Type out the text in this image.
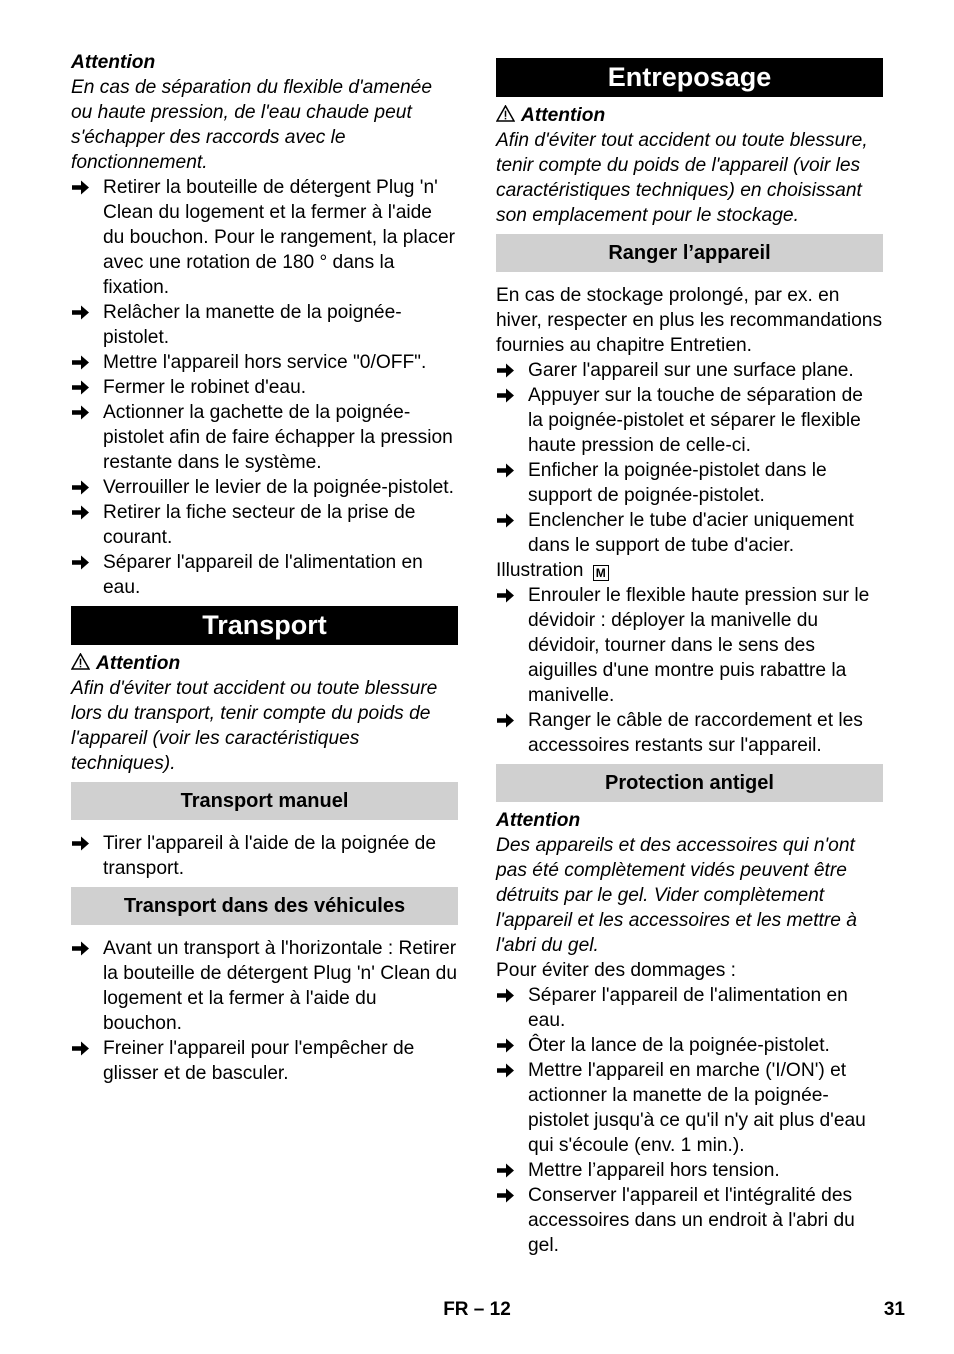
Attention

En cas de séparation du flexible d'amenée ou haute pression, de l'eau chaude peut s'échapper des raccords avec le fonctionnement.

Retirer la bouteille de détergent Plug 'n' Clean du logement et la fermer à l'aide du bouchon. Pour le rangement, la placer avec une rotation de 180 ° dans la fixation.
Relâcher la manette de la poignée-pistolet.
Mettre l'appareil hors service "0/OFF".
Fermer le robinet d'eau.
Actionner la gachette de la poignée-pistolet afin de faire échapper la pression restante dans le système.
Verrouiller le levier de la poignée-pistolet.
Retirer la fiche secteur de la prise de courant.
Séparer l'appareil de l'alimentation en eau.
Transport

Attention

Afin d'éviter tout accident ou toute blessure lors du transport, tenir compte du poids de l'appareil (voir les caractéristiques techniques).

Transport manuel
Tirer l'appareil à l'aide de la poignée de transport.
Transport dans des véhicules
Avant un transport à l'horizontale : Retirer la bouteille de détergent Plug 'n' Clean du logement et la fermer à l'aide du bouchon.
Freiner l'appareil pour l'empêcher de glisser et de basculer.
Entreposage

Attention

Afin d'éviter tout accident ou toute blessure, tenir compte du poids de l'appareil (voir les caractéristiques techniques) en choisissant son emplacement pour le stockage.

Ranger l’appareil

En cas de stockage prolongé, par ex. en hiver, respecter en plus les recommandations fournies au chapitre Entretien.

Garer l'appareil sur une surface plane.
Appuyer sur la touche de séparation de la poignée-pistolet et séparer le flexible haute pression de celle-ci.
Enficher la poignée-pistolet dans le support de poignée-pistolet.
Enclencher le tube d'acier uniquement dans le support de tube d'acier.

Illustration M

Enrouler le flexible haute pression sur le dévidoir : déployer la manivelle du dévidoir, tourner dans le sens des aiguilles d'une montre puis rabattre la manivelle.
Ranger le câble de raccordement et les accessoires restants sur l'appareil.
Protection antigel

Attention

Des appareils et des accessoires qui n'ont pas été complètement vidés peuvent être détruits par le gel. Vider complètement l'appareil et les accessoires et les mettre à l'abri du gel.

Pour éviter des dommages :

Séparer l'appareil de l'alimentation en eau.
Ôter la lance de la poignée-pistolet.
Mettre l'appareil en marche ('I/ON') et actionner la manette de la poignée-pistolet jusqu'à ce qu'il n'y ait plus d'eau qui s'écoule (env. 1 min.).
Mettre l’appareil hors tension.
Conserver l'appareil et l'intégralité des accessoires dans un endroit à l'abri du gel.
FR – 12	31
